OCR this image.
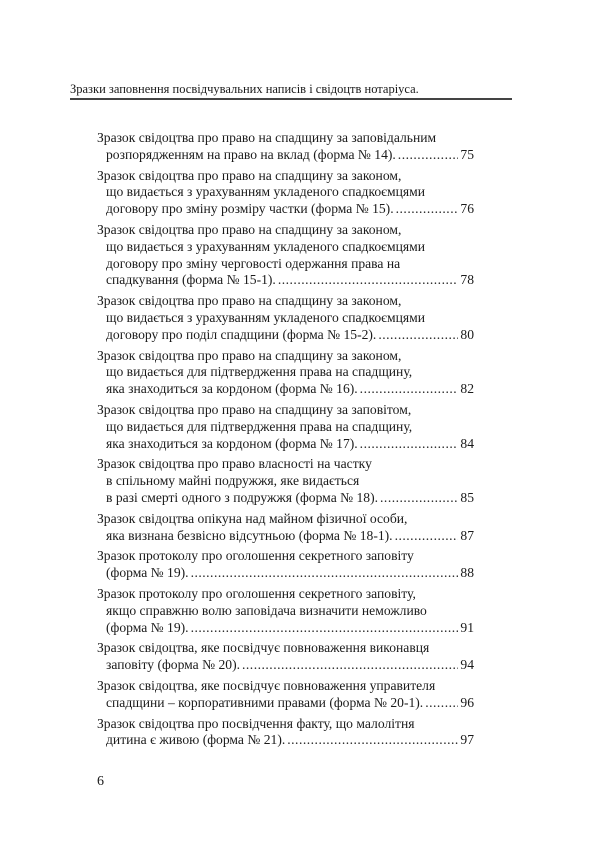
Зразки заповнення посвідчувальних написів і свідоцтв нотаріуса.
Зразок свідоцтва про право на спадщину за заповідальним
розпорядженням на право на вклад (форма № 14). .....	75
Зразок свідоцтва про право на спадщину за законом,
що видається з урахуванням укладеного спадкоємцями
договору про зміну розміру частки (форма № 15). .....	76
Зразок свідоцтва про право на спадщину за законом,
що видається з урахуванням укладеного спадкоємцями
договору про зміну черговості одержання права на
спадкування (форма № 15-1). .....	78
Зразок свідоцтва про право на спадщину за законом,
що видається з урахуванням укладеного спадкоємцями
договору про поділ спадщини (форма № 15-2). .....	80
Зразок свідоцтва про право на спадщину за законом,
що видається для підтвердження права на спадщину,
яка знаходиться за кордоном (форма № 16). .....	82
Зразок свідоцтва про право на спадщину за заповітом,
що видається для підтвердження права на спадщину,
яка знаходиться за кордоном (форма № 17). .....	84
Зразок свідоцтва про право власності на частку
в спільному майні подружжя, яке видається
в разі смерті одного з подружжя (форма № 18). .....	85
Зразок свідоцтва опікуна над майном фізичної особи,
яка визнана безвісно відсутньою (форма № 18-1). .....	87
Зразок протоколу про оголошення секретного заповіту
(форма № 19). .....	88
Зразок протоколу про оголошення секретного заповіту,
якщо справжню волю заповідача визначити неможливо
(форма № 19). .....	91
Зразок свідоцтва, яке посвідчує повноваження виконавця
заповіту (форма № 20). .....	94
Зразок свідоцтва, яке посвідчує повноваження управителя
спадщини – корпоративними правами (форма № 20-1). .....	96
Зразок свідоцтва про посвідчення факту, що малолітня
дитина є живою (форма № 21). .....	97
6
